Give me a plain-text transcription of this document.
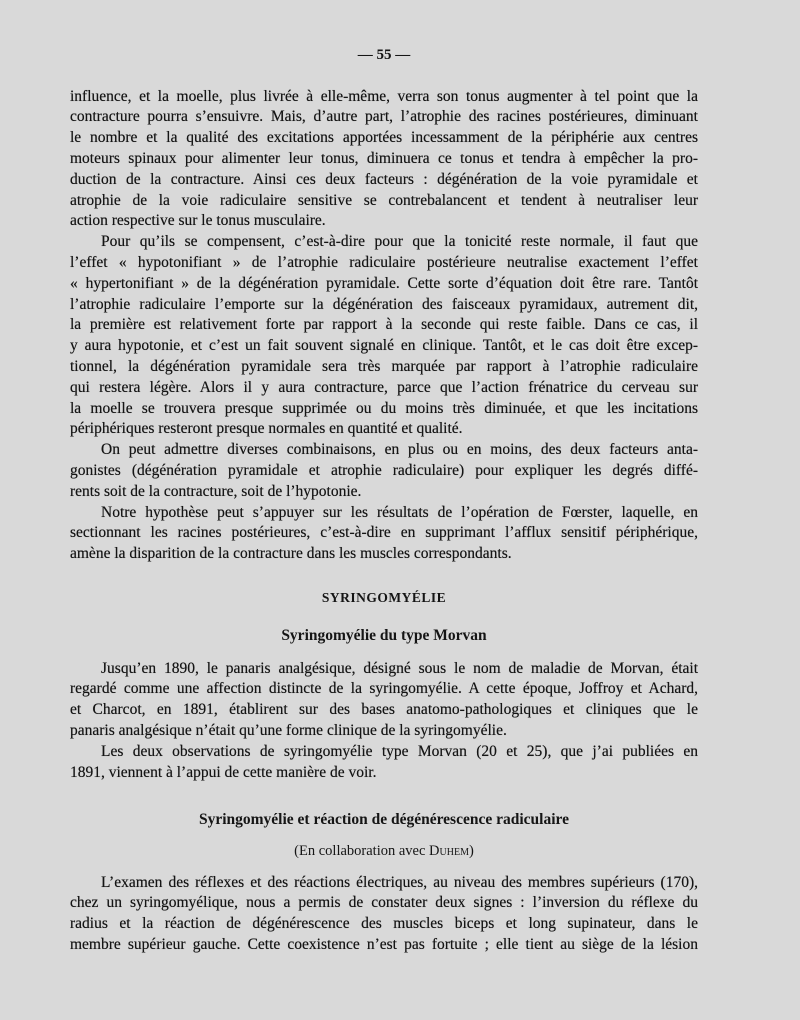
— 55 —
influence, et la moelle, plus livrée à elle-même, verra son tonus augmenter à tel point que la
contracture pourra s’ensuivre. Mais, d’autre part, l’atrophie des racines postérieures, diminuant
le nombre et la qualité des excitations apportées incessamment de la périphérie aux centres
moteurs spinaux pour alimenter leur tonus, diminuera ce tonus et tendra à empêcher la pro-
duction de la contracture. Ainsi ces deux facteurs : dégénération de la voie pyramidale et
atrophie de la voie radiculaire sensitive se contrebalancent et tendent à neutraliser leur
action respective sur le tonus musculaire.
Pour qu’ils se compensent, c’est-à-dire pour que la tonicité reste normale, il faut que
l’effet « hypotonifiant » de l’atrophie radiculaire postérieure neutralise exactement l’effet
« hypertonifiant » de la dégénération pyramidale. Cette sorte d’équation doit être rare. Tantôt
l’atrophie radiculaire l’emporte sur la dégénération des faisceaux pyramidaux, autrement dit,
la première est relativement forte par rapport à la seconde qui reste faible. Dans ce cas, il
y aura hypotonie, et c’est un fait souvent signalé en clinique. Tantôt, et le cas doit être excep-
tionnel, la dégénération pyramidale sera très marquée par rapport à l’atrophie radiculaire
qui restera légère. Alors il y aura contracture, parce que l’action frénatrice du cerveau sur
la moelle se trouvera presque supprimée ou du moins très diminuée, et que les incitations
périphériques resteront presque normales en quantité et qualité.
On peut admettre diverses combinaisons, en plus ou en moins, des deux facteurs anta-
gonistes (dégénération pyramidale et atrophie radiculaire) pour expliquer les degrés diffé-
rents soit de la contracture, soit de l’hypotonie.
Notre hypothèse peut s’appuyer sur les résultats de l’opération de Fœrster, laquelle, en
sectionnant les racines postérieures, c’est-à-dire en supprimant l’afflux sensitif périphérique,
amène la disparition de la contracture dans les muscles correspondants.
SYRINGOMYÉLIE
Syringomyélie du type Morvan
Jusqu’en 1890, le panaris analgésique, désigné sous le nom de maladie de Morvan, était
regardé comme une affection distincte de la syringomyélie. A cette époque, Joffroy et Achard,
et Charcot, en 1891, établirent sur des bases anatomo-pathologiques et cliniques que le
panaris analgésique n’était qu’une forme clinique de la syringomyélie.
Les deux observations de syringomyélie type Morvan (20 et 25), que j’ai publiées en
1891, viennent à l’appui de cette manière de voir.
Syringomyélie et réaction de dégénérescence radiculaire
(En collaboration avec Duhem)
L’examen des réflexes et des réactions électriques, au niveau des membres supérieurs (170),
chez un syringomyélique, nous a permis de constater deux signes : l’inversion du réflexe du
radius et la réaction de dégénérescence des muscles biceps et long supinateur, dans le
membre supérieur gauche. Cette coexistence n’est pas fortuite ; elle tient au siège de la lésion
